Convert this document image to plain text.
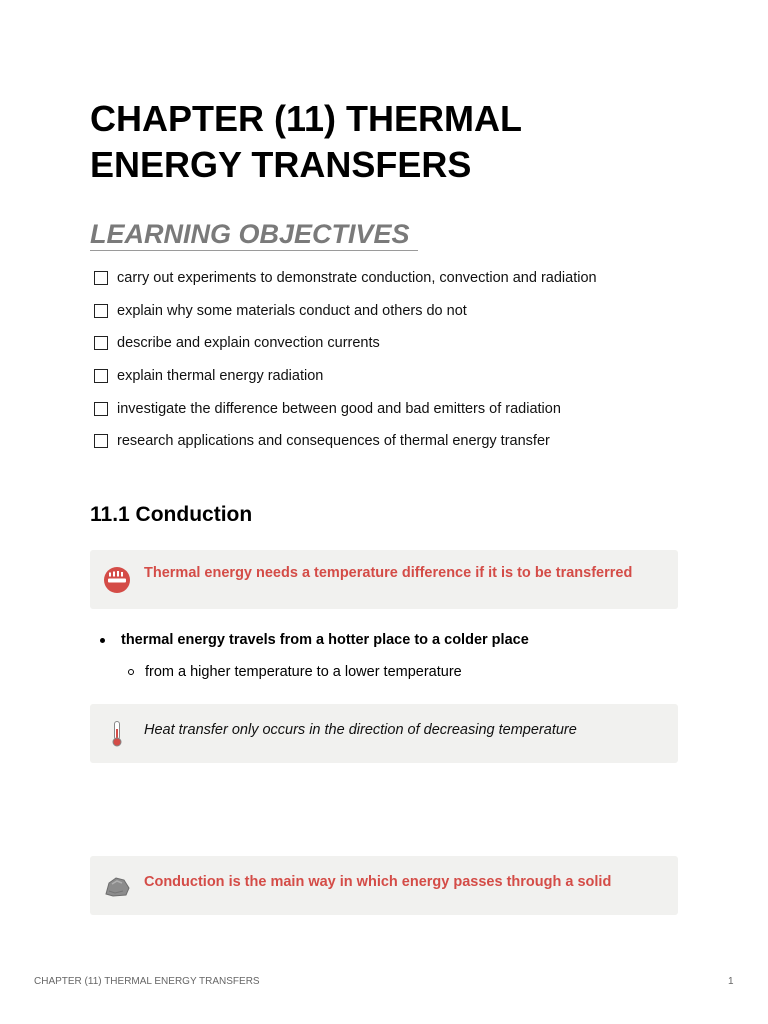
CHAPTER (11) THERMAL
ENERGY TRANSFERS
LEARNING OBJECTIVES
carry out experiments to demonstrate conduction, convection and radiation
explain why some materials conduct and others do not
describe and explain convection currents
explain thermal energy radiation
investigate the difference between good and bad emitters of radiation
research applications and consequences of thermal energy transfer
11.1 Conduction
Thermal energy needs a temperature difference if it is to be transferred
thermal energy travels from a hotter place to a colder place
from a higher temperature to a lower temperature
Heat transfer only occurs in the direction of decreasing temperature
Conduction is the main way in which energy passes through a solid
CHAPTER (11) THERMAL ENERGY TRANSFERS	1
